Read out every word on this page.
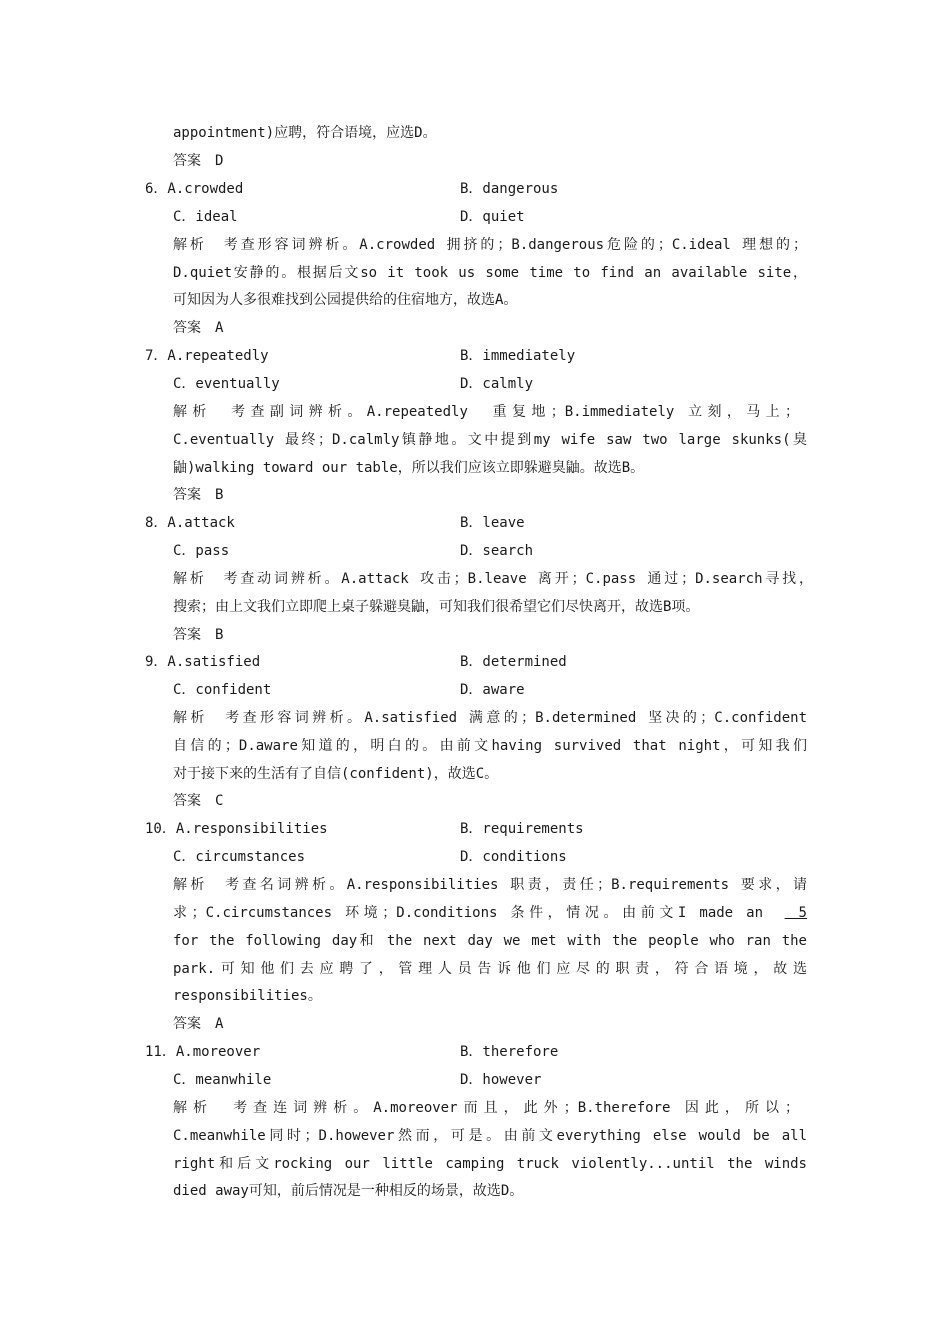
appointment)应聘，符合语境，应选D。
答案　D
6．A.crowded	B．dangerous
C．ideal	D．quiet
解析　考查形容词辨析。A.crowded 拥挤的；B.dangerous危险的；C.ideal 理想的；
D.quiet安静的。根据后文so it took us some time to find an available site，
可知因为人多很难找到公园提供给的住宿地方，故选A。
答案　A
7．A.repeatedly	B．immediately
C．eventually	D．calmly
解析　考查副词辨析。A.repeatedly　重复地；B.immediately 立刻，马上；
C.eventually 最终；D.calmly镇静地。文中提到my wife saw two large skunks(臭
鼬)walking toward our table，所以我们应该立即躲避臭鼬。故选B。
答案　B
8．A.attack	B．leave
C．pass	D．search
解析　考查动词辨析。A.attack 攻击；B.leave 离开；C.pass 通过；D.search寻找，
搜索；由上文我们立即爬上桌子躲避臭鼬，可知我们很希望它们尽快离开，故选B项。
答案　B
9．A.satisfied	B．determined
C．confident	D．aware
解析　考查形容词辨析。A.satisfied 满意的；B.determined 坚决的；C.confident
自信的；D.aware知道的，明白的。由前文having survived that night，可知我们
对于接下来的生活有了自信(confident)，故选C。
答案　C
10．A.responsibilities	B．requirements
C．circumstances	D．conditions
解析　考查名词辨析。A.responsibilities 职责，责任；B.requirements 要求，请
求；C.circumstances 环境；D.conditions 条件，情况。由前文I made an	　5
for the following day和 the next day we met with the people who ran the
park.可知他们去应聘了，管理人员告诉他们应尽的职责，符合语境，故选
responsibilities。
答案　A
11．A.moreover	B．therefore
C．meanwhile	D．however
解析　考查连词辨析。A.moreover而且，此外；B.therefore 因此，所以；
C.meanwhile同时；D.however然而，可是。由前文everything else would be all
right和后文rocking our little camping truck violently...until the winds
died away可知，前后情况是一种相反的场景，故选D。
